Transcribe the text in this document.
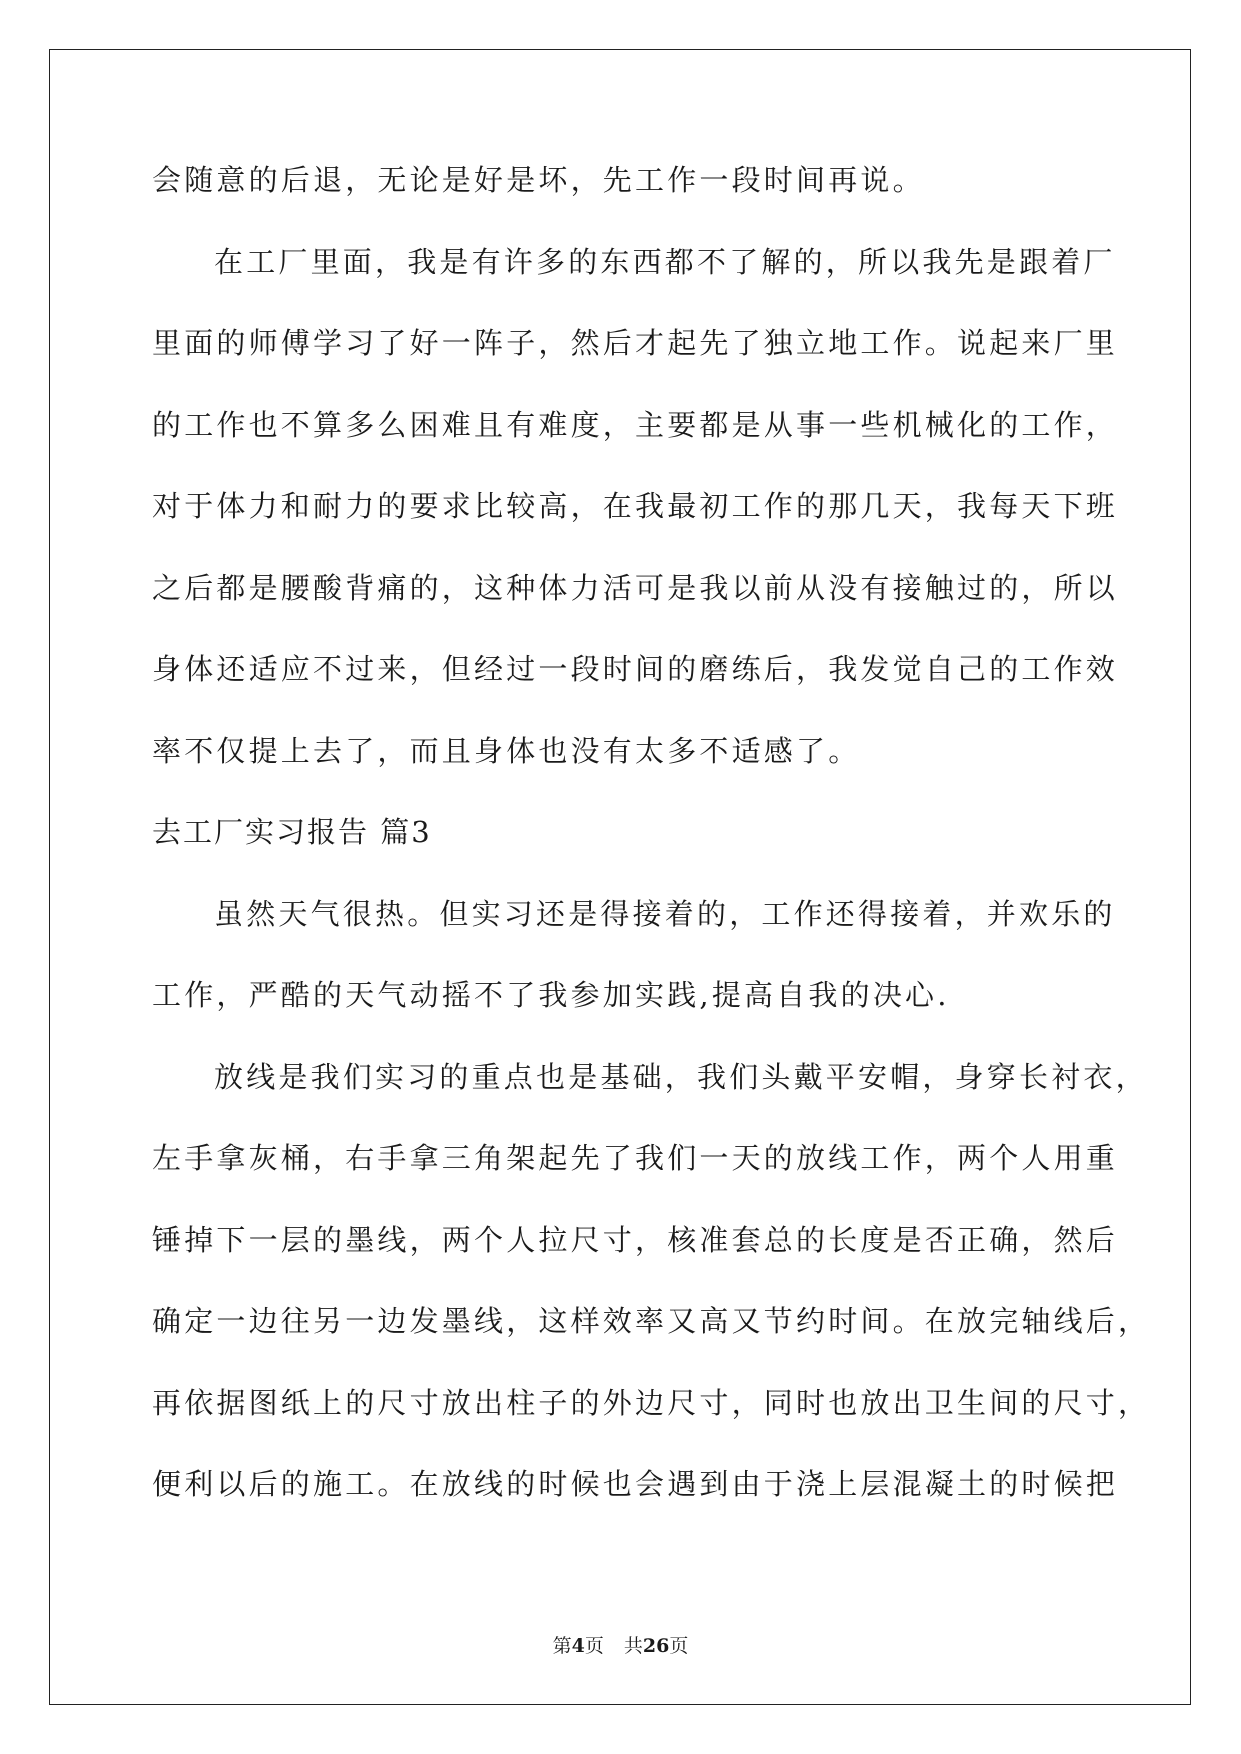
会随意的后退，无论是好是坏，先工作一段时间再说。
在工厂里面，我是有许多的东西都不了解的，所以我先是跟着厂
里面的师傅学习了好一阵子，然后才起先了独立地工作。说起来厂里
的工作也不算多么困难且有难度，主要都是从事一些机械化的工作，
对于体力和耐力的要求比较高，在我最初工作的那几天，我每天下班
之后都是腰酸背痛的，这种体力活可是我以前从没有接触过的，所以
身体还适应不过来，但经过一段时间的磨练后，我发觉自己的工作效
率不仅提上去了，而且身体也没有太多不适感了。
去工厂实习报告 篇3
虽然天气很热。但实习还是得接着的，工作还得接着，并欢乐的
工作，严酷的天气动摇不了我参加实践,提高自我的决心.
放线是我们实习的重点也是基础，我们头戴平安帽，身穿长衬衣，
左手拿灰桶，右手拿三角架起先了我们一天的放线工作，两个人用重
锤掉下一层的墨线，两个人拉尺寸，核准套总的长度是否正确，然后
确定一边往另一边发墨线，这样效率又高又节约时间。在放完轴线后，
再依据图纸上的尺寸放出柱子的外边尺寸，同时也放出卫生间的尺寸，
便利以后的施工。在放线的时候也会遇到由于浇上层混凝土的时候把
第4页 共26页
